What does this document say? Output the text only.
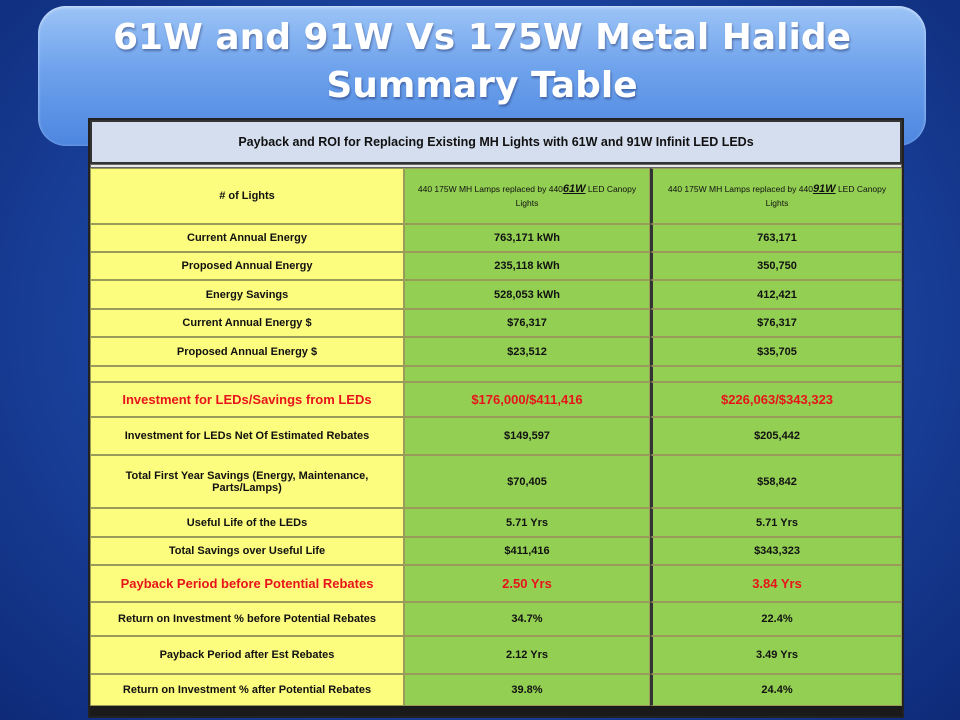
61W and 91W Vs 175W Metal Halide Summary Table
Payback and ROI for Replacing Existing MH Lights with 61W and 91W Infinit LED LEDs		

# of Lights	440 175W MH Lamps replaced by 44061W LED Canopy Lights	440 175W MH Lamps replaced by 44091W LED Canopy Lights
Current Annual Energy	763,171 kWh	763,171
Proposed Annual Energy	235,118 kWh	350,750
Energy Savings	528,053 kWh	412,421
Current Annual Energy $	$76,317	$76,317
Proposed Annual Energy $	$23,512	$35,705

Investment for LEDs/Savings from LEDs	$176,000/$411,416	$226,063/$343,323
Investment for LEDs Net Of Estimated Rebates	$149,597	$205,442
Total First Year Savings (Energy, Maintenance, Parts/Lamps)	$70,405	$58,842
Useful Life of the LEDs	5.71 Yrs	5.71 Yrs
Total Savings over Useful Life	$411,416	$343,323
Payback Period before Potential Rebates	2.50 Yrs	3.84 Yrs
Return on Investment % before Potential Rebates	34.7%	22.4%
Payback Period after Est Rebates	2.12 Yrs	3.49 Yrs
Return on Investment % after Potential Rebates	39.8%	24.4%
